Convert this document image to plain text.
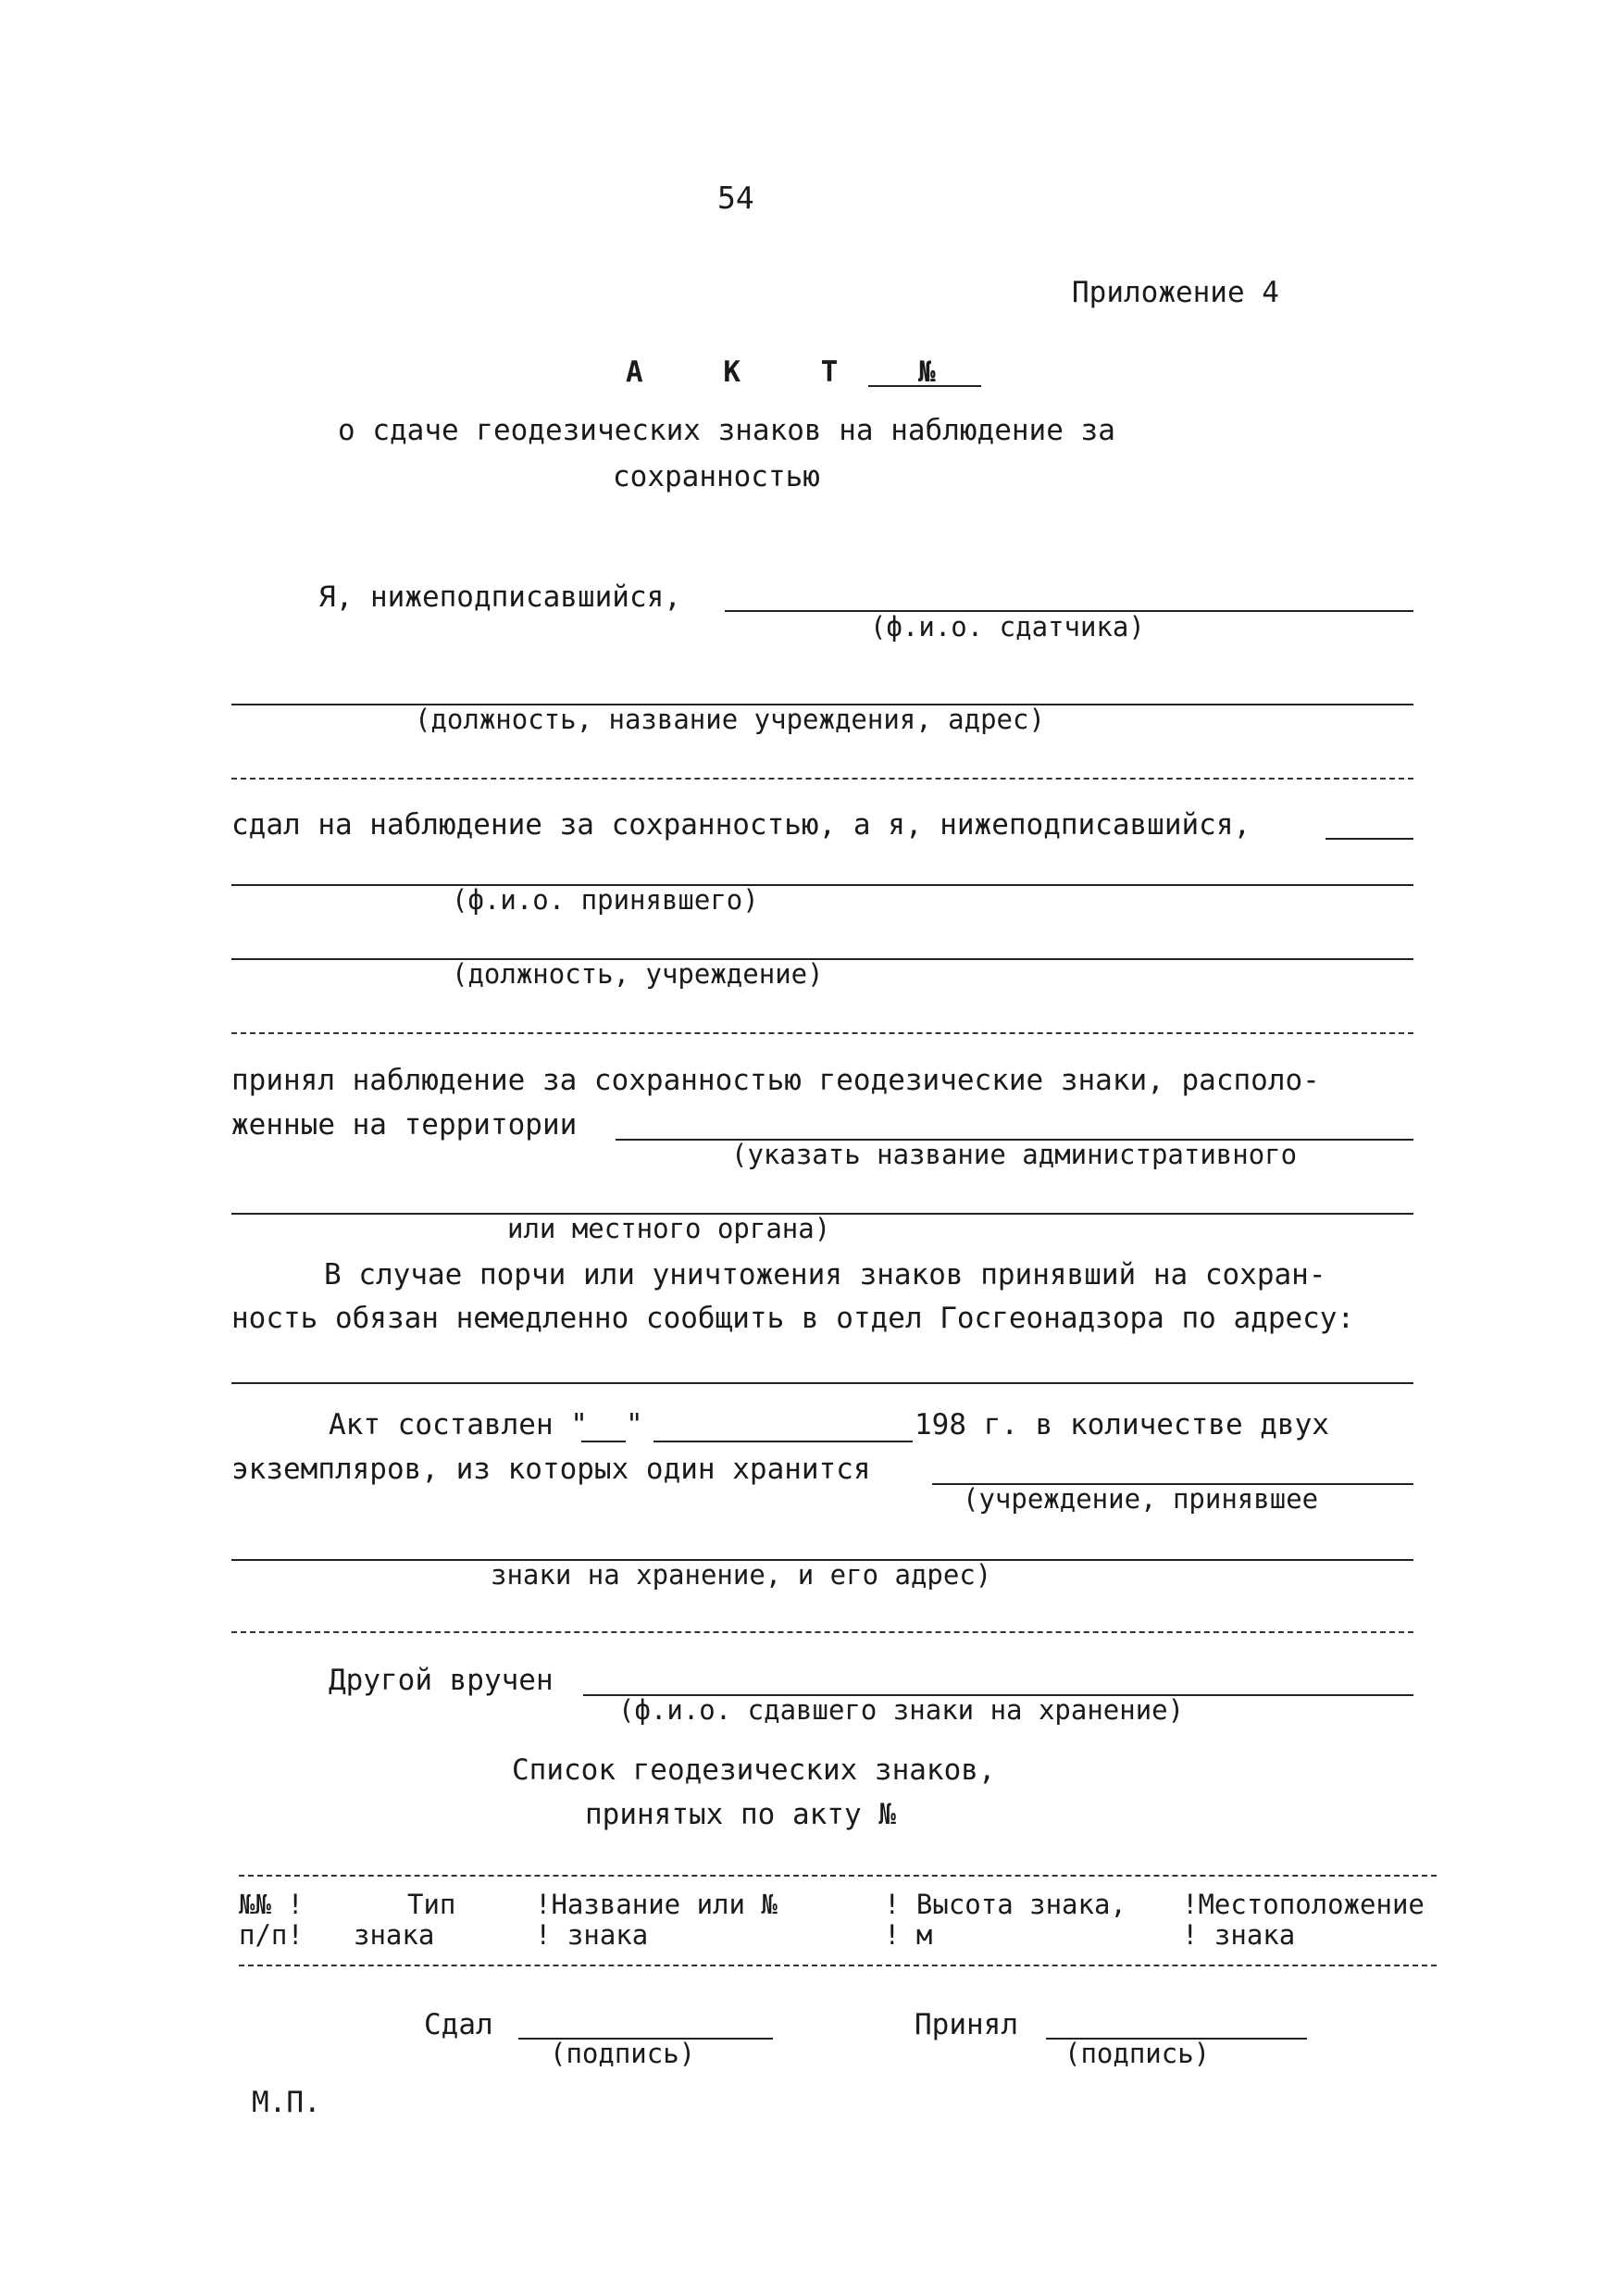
54
Приложение 4
А К Т №
о сдаче геодезических знаков на наблюдение за
сохранностью
Я, нижеподписавшийся,
(ф.и.о. сдатчика)
(должность, название учреждения, адрес)
сдал на наблюдение за сохранностью, а я, нижеподписавшийся,
(ф.и.о. принявшего)
(должность, учреждение)
принял наблюдение за сохранностью геодезические знаки, располо-
женные на территории
(указать название административного
или местного органа)
В случае порчи или уничтожения знаков принявший на сохран-
ность обязан немедленно сообщить в отдел Госгеонадзора по адресу:
Акт составлен " "	198 г. в количестве двух
экземпляров, из которых один хранится
(учреждение, принявшее
знаки на хранение, и его адрес)
Другой вручен
(ф.и.о. сдавшего знаки на хранение)
Список геодезических знаков,
принятых по акту №
№№ !
п/п!
Тип
знака
!Название или №
! знака
! Высота знака,
! м
!Местоположение
! знака
Сдал
(подпись)
Принял
(подпись)
М.П.
